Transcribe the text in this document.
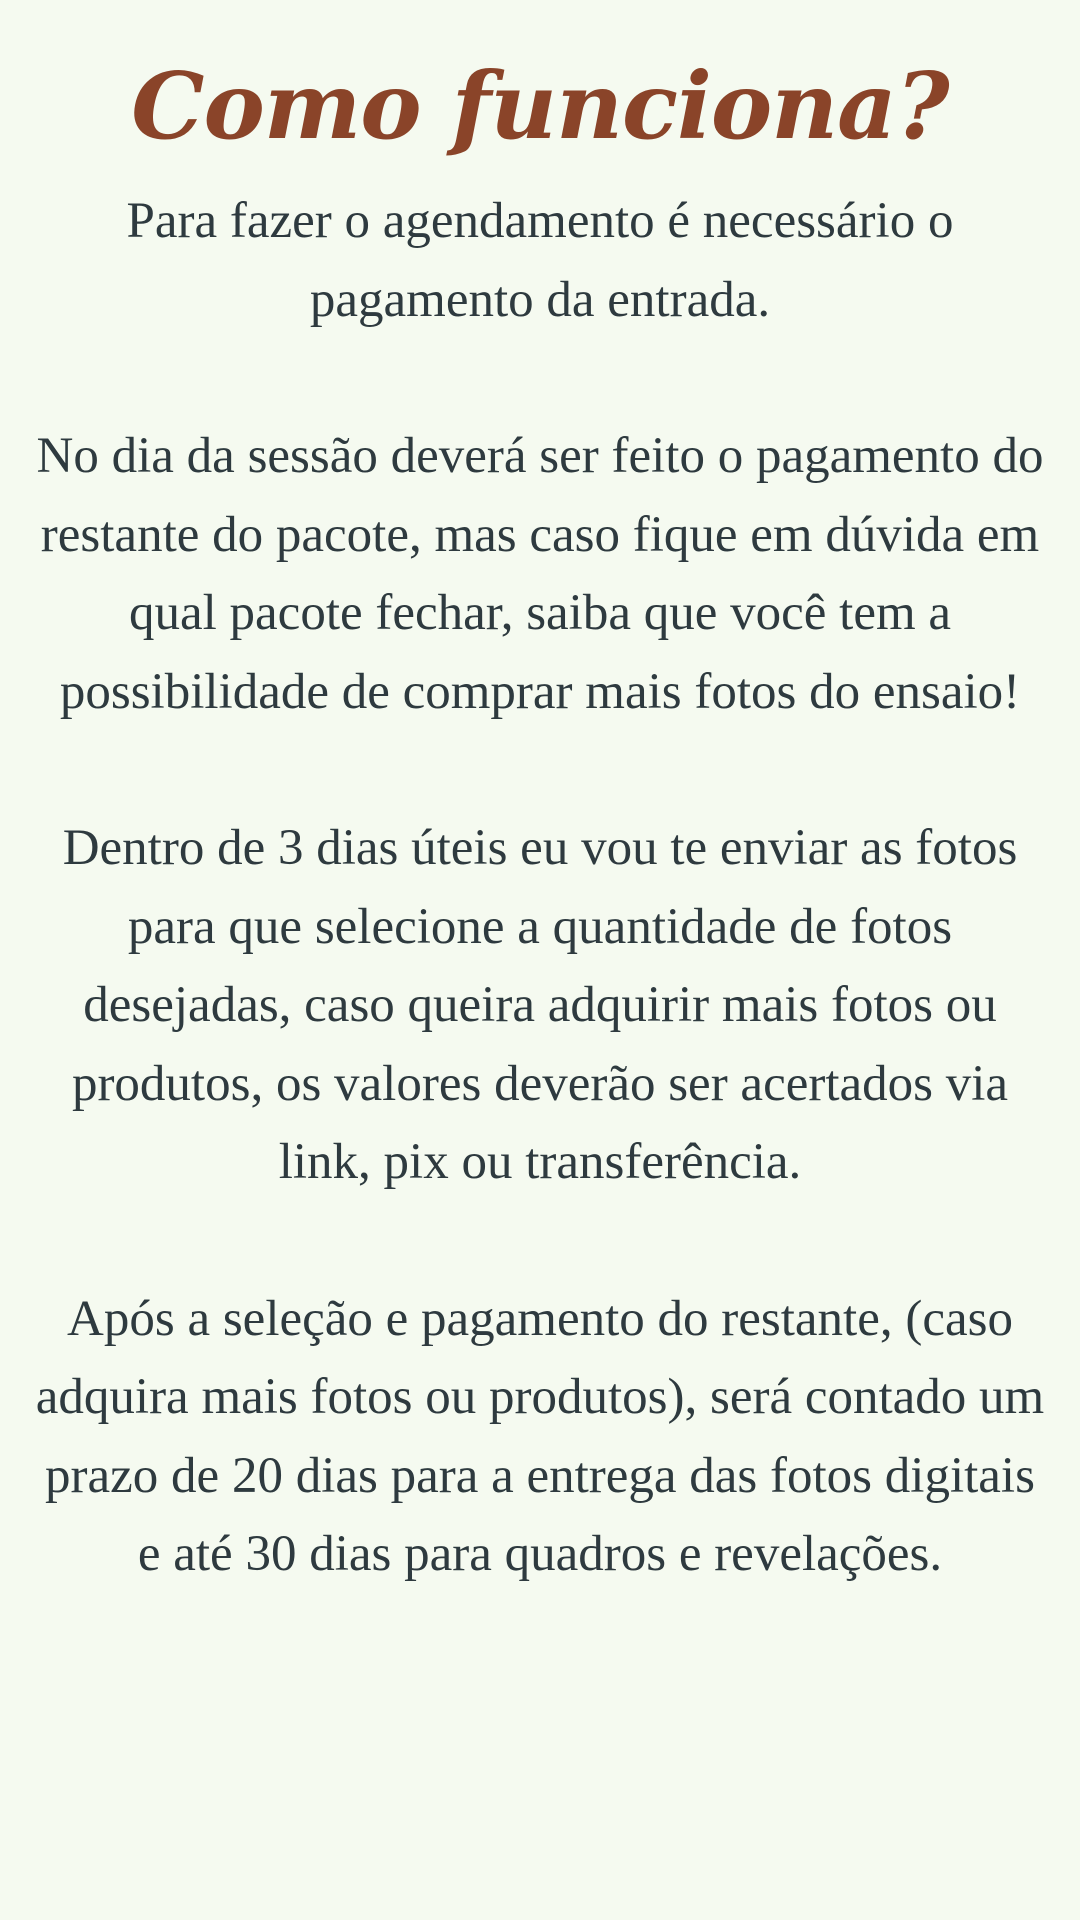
Como funciona?

Para fazer o agendamento é necessário o pagamento da entrada.

No dia da sessão deverá ser feito o pagamento do restante do pacote, mas caso fique em dúvida em qual pacote fechar, saiba que você tem a possibilidade de comprar mais fotos do ensaio!

Dentro de 3 dias úteis eu vou te enviar as fotos para que selecione a quantidade de fotos desejadas, caso queira adquirir mais fotos ou produtos, os valores deverão ser acertados via link, pix ou transferência.

Após a seleção e pagamento do restante, (caso adquira mais fotos ou produtos), será contado um prazo de 20 dias para a entrega das fotos digitais e até 30 dias para quadros e revelações.
